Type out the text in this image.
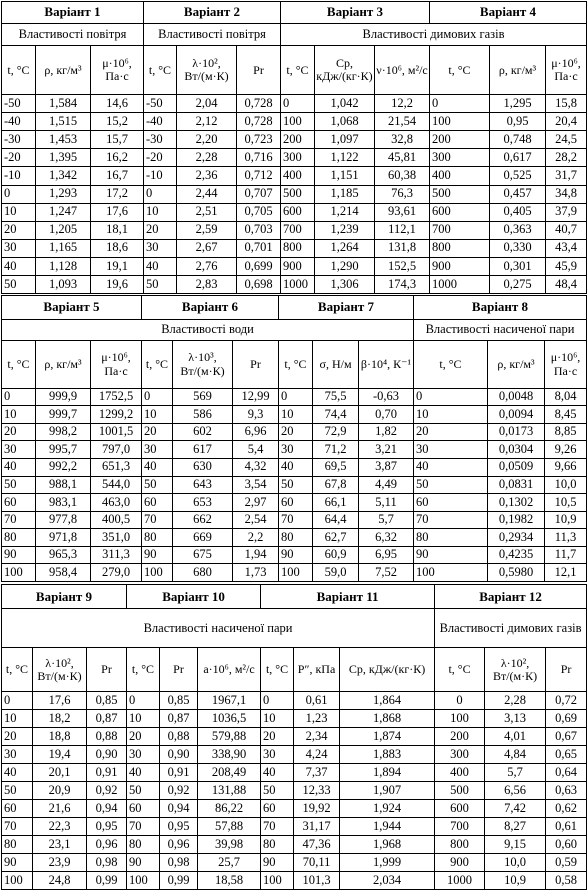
Варіант 1			Варіант 2			Варіант 3			Варіант 4		
Властивості повітря			Властивості повітря			Властивості димових газів					
t, °C	ρ, кг/м³	μ·10⁶, Па·с	t, °C	λ·10², Вт/(м·К)	Pr	t, °C	Cp, кДж/(кг·К)	ν·10⁶, м²/с	t, °C	ρ, кг/м³	μ·10⁶, Па·с
-50	1,584	14,6	-50	2,04	0,728	0	1,042	12,2	0	1,295	15,8
-40	1,515	15,2	-40	2,12	0,728	100	1,068	21,54	100	0,95	20,4
-30	1,453	15,7	-30	2,20	0,723	200	1,097	32,8	200	0,748	24,5
-20	1,395	16,2	-20	2,28	0,716	300	1,122	45,81	300	0,617	28,2
-10	1,342	16,7	-10	2,36	0,712	400	1,151	60,38	400	0,525	31,7
0	1,293	17,2	0	2,44	0,707	500	1,185	76,3	500	0,457	34,8
10	1,247	17,6	10	2,51	0,705	600	1,214	93,61	600	0,405	37,9
20	1,205	18,1	20	2,59	0,703	700	1,239	112,1	700	0,363	40,7
30	1,165	18,6	30	2,67	0,701	800	1,264	131,8	800	0,330	43,4
40	1,128	19,1	40	2,76	0,699	900	1,290	152,5	900	0,301	45,9
50	1,093	19,6	50	2,83	0,698	1000	1,306	174,3	1000	0,275	48,4
Варіант 5			Варіант 6			Варіант 7			Варіант 8		
Властивості води									Властивості насиченої пари		
t, °C	ρ, кг/м³	μ·10⁶, Па·с	t, °C	λ·10³, Вт/(м·К)	Pr	t, °C	σ, Н/м	β·10⁴, К⁻¹	t, °C	ρ, кг/м³	μ·10⁶, Па·с
0	999,9	1752,5	0	569	12,99	0	75,5	-0,63	0	0,0048	8,04
10	999,7	1299,2	10	586	9,3	10	74,4	0,70	10	0,0094	8,45
20	998,2	1001,5	20	602	6,96	20	72,9	1,82	20	0,0173	8,85
30	995,7	797,0	30	617	5,4	30	71,2	3,21	30	0,0304	9,26
40	992,2	651,3	40	630	4,32	40	69,5	3,87	40	0,0509	9,66
50	988,1	544,0	50	643	3,54	50	67,8	4,49	50	0,0831	10,0
60	983,1	463,0	60	653	2,97	60	66,1	5,11	60	0,1302	10,5
70	977,8	400,5	70	662	2,54	70	64,4	5,7	70	0,1982	10,9
80	971,8	351,0	80	669	2,2	80	62,7	6,32	80	0,2934	11,3
90	965,3	311,3	90	675	1,94	90	60,9	6,95	90	0,4235	11,7
100	958,4	279,0	100	680	1,73	100	59,0	7,52	100	0,5980	12,1
Варіант 9			Варіант 10			Варіант 11			Варіант 12		
Властивості насиченої пари									Властивості димових газів		
t, °C	λ·10², Вт/(м·К)	Pr	t, °C	Pr	a·10⁶, м²/с	t, °C	P″, кПа	Cp, кДж/(кг·К)	t, °C	λ·10², Вт/(м·К)	Pr
0	17,6	0,85	0	0,85	1967,1	0	0,61	1,864	0	2,28	0,72
10	18,2	0,87	10	0,87	1036,5	10	1,23	1,868	100	3,13	0,69
20	18,8	0,88	20	0,88	579,88	20	2,34	1,874	200	4,01	0,67
30	19,4	0,90	30	0,90	338,90	30	4,24	1,883	300	4,84	0,65
40	20,1	0,91	40	0,91	208,49	40	7,37	1,894	400	5,7	0,64
50	20,9	0,92	50	0,92	131,88	50	12,33	1,907	500	6,56	0,63
60	21,6	0,94	60	0,94	86,22	60	19,92	1,924	600	7,42	0,62
70	22,3	0,95	70	0,95	57,88	70	31,17	1,944	700	8,27	0,61
80	23,1	0,96	80	0,96	39,98	80	47,36	1,968	800	9,15	0,60
90	23,9	0,98	90	0,98	25,7	90	70,11	1,999	900	10,0	0,59
100	24,8	0,99	100	0,99	18,58	100	101,3	2,034	1000	10,9	0,58
